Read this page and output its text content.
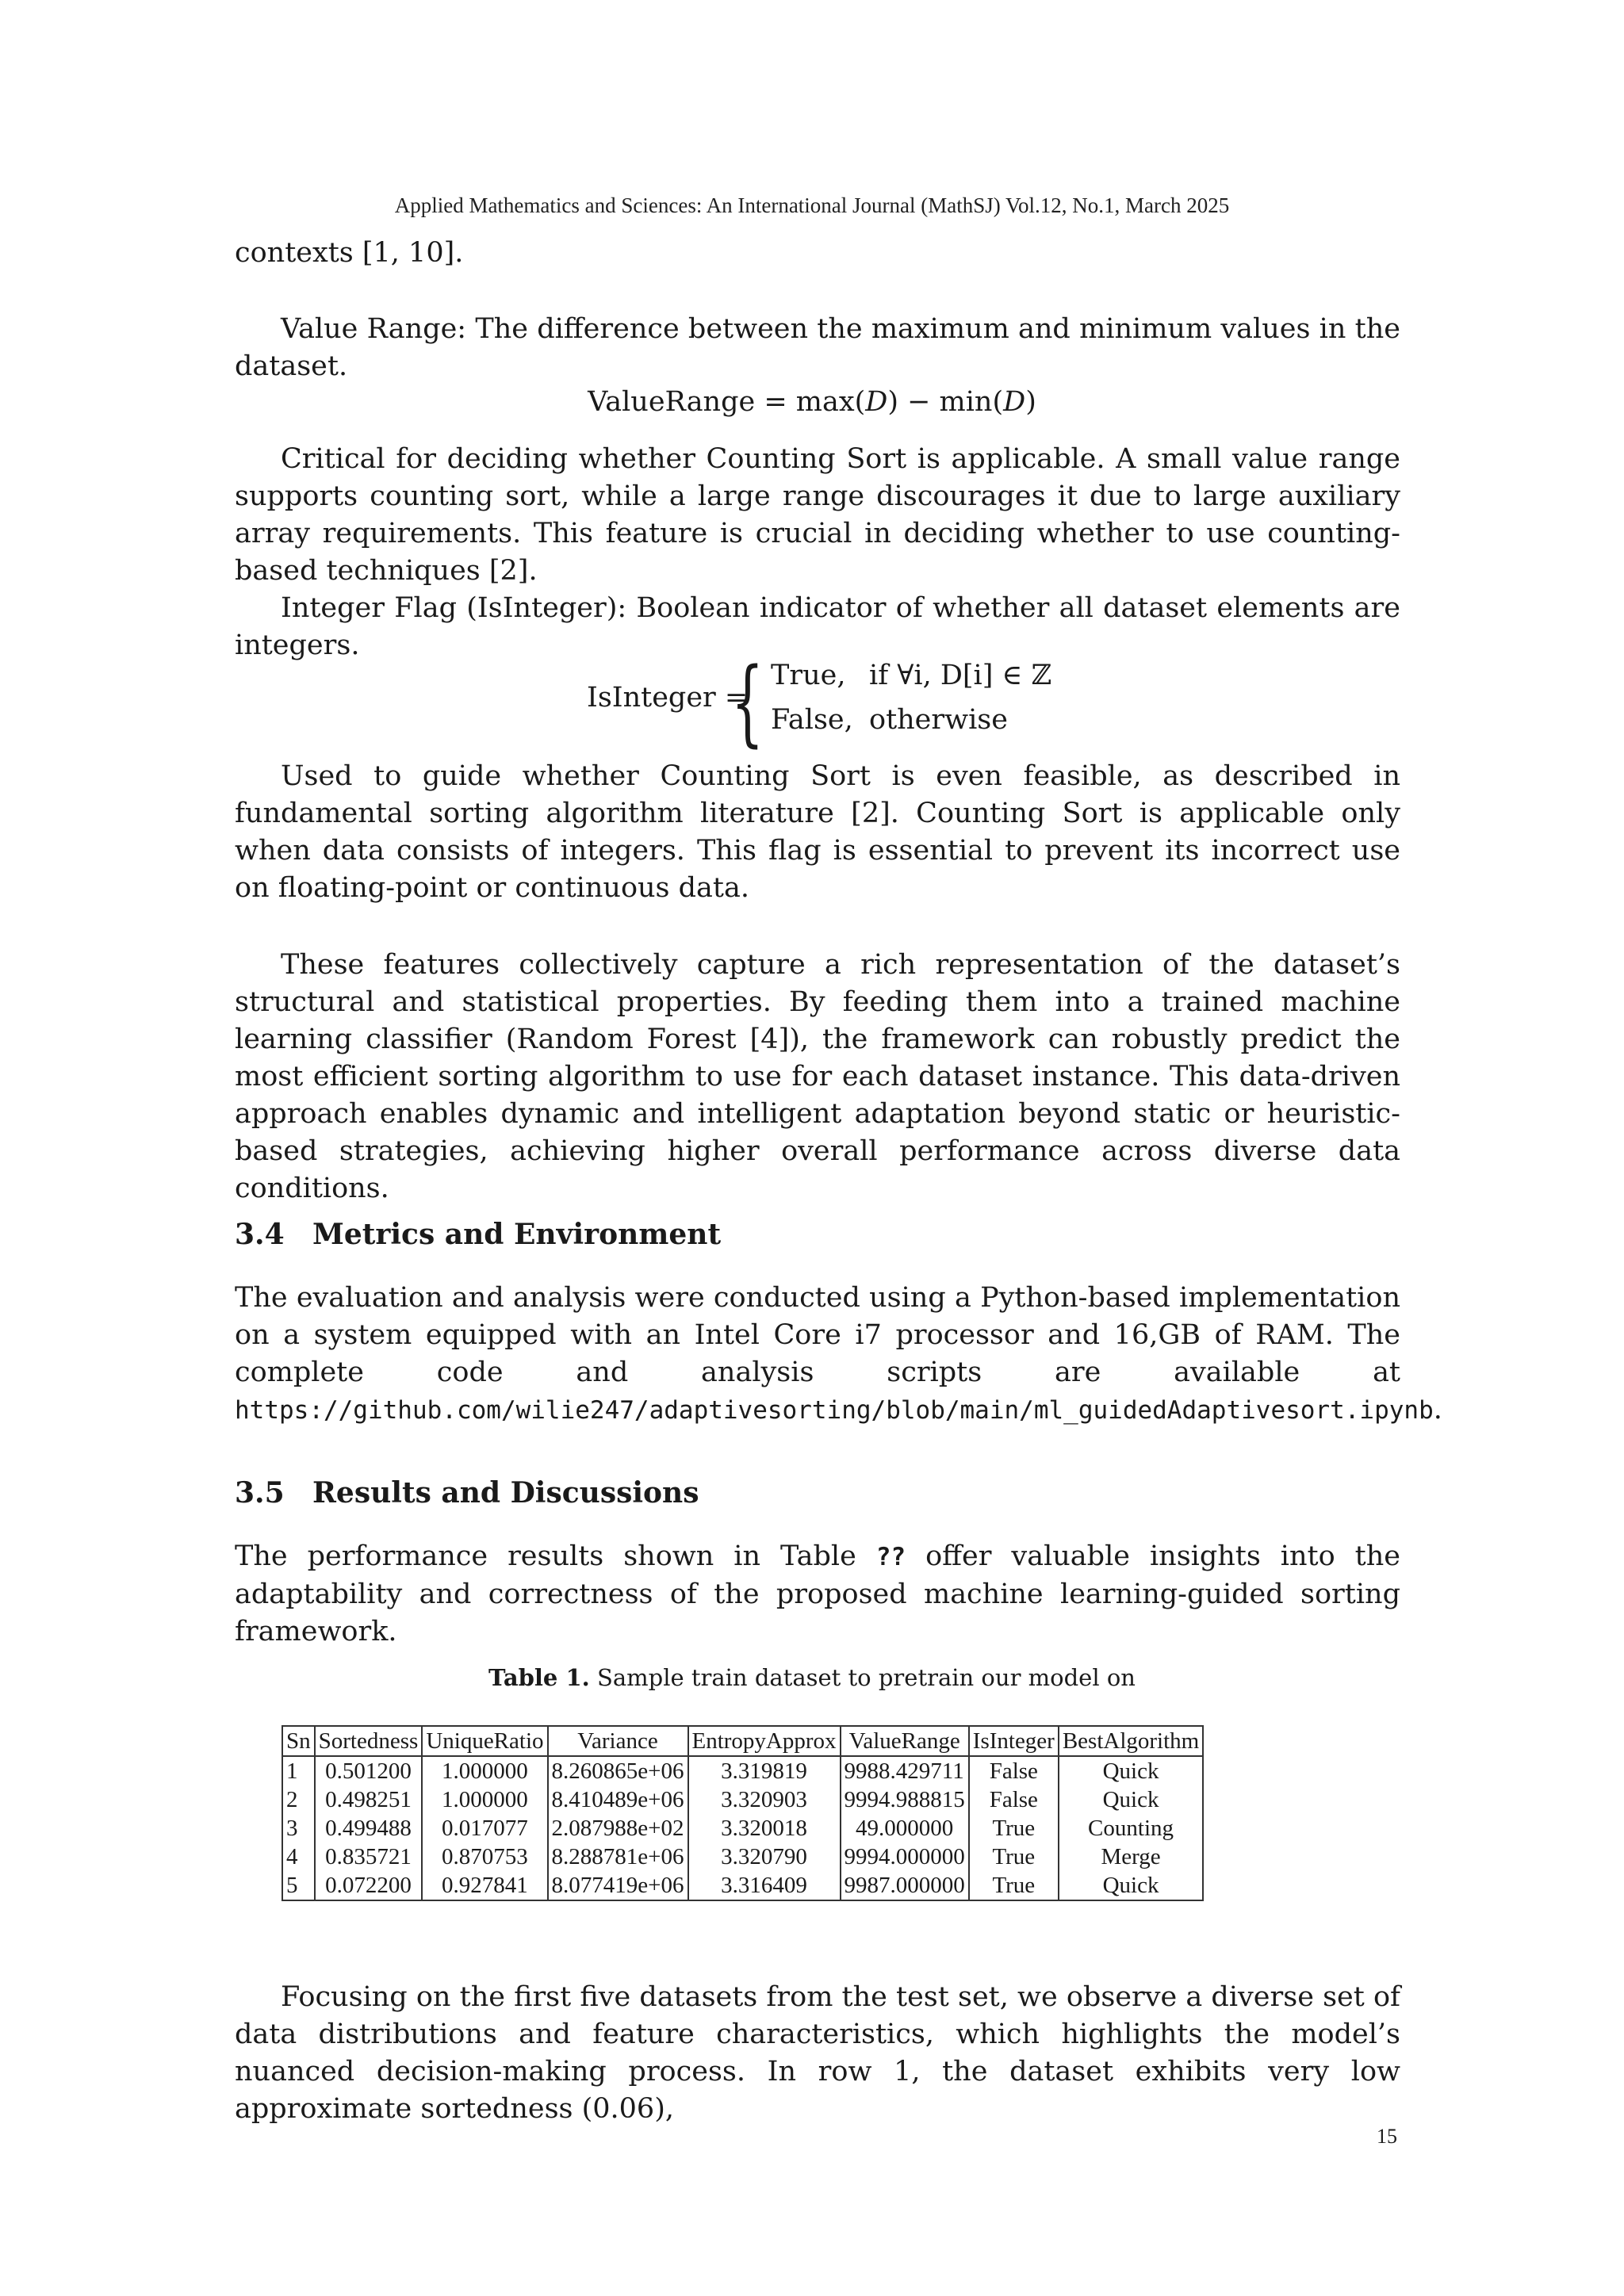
Applied Mathematics and Sciences: An International Journal (MathSJ) Vol.12, No.1, March 2025

contexts [1, 10].

Value Range: The difference between the maximum and minimum values in the dataset.

ValueRange = max(D) − min(D)

Critical for deciding whether Counting Sort is applicable. A small value range supports counting sort, while a large range discourages it due to large auxiliary array requirements. This feature is crucial in deciding whether to use counting-based techniques [2].

Integer Flag (IsInteger): Boolean indicator of whether all dataset elements are integers.

IsInteger =
{ True, if ∀i, D[i] ∈ ℤ
False, otherwise

Used to guide whether Counting Sort is even feasible, as described in fundamental sorting algorithm literature [2]. Counting Sort is applicable only when data consists of integers. This flag is essential to prevent its incorrect use on floating-point or continuous data.

These features collectively capture a rich representation of the dataset’s structural and statistical properties. By feeding them into a trained machine learning classifier (Random Forest [4]), the framework can robustly predict the most efficient sorting algorithm to use for each dataset instance. This data-driven approach enables dynamic and intelligent adaptation beyond static or heuristic-based strategies, achieving higher overall performance across diverse data conditions.

3.4 Metrics and Environment

The evaluation and analysis were conducted using a Python-based implementation on a system equipped with an Intel Core i7 processor and 16,GB of RAM. The complete code and analysis scripts are available at https://github.com/wilie247/adaptivesorting/blob/main/ml_guidedAdaptivesort.ipynb.

3.5 Results and Discussions

The performance results shown in Table ?? offer valuable insights into the adaptability and correctness of the proposed machine learning-guided sorting framework.

Table 1. Sample train dataset to pretrain our model on
Sn	Sortedness	UniqueRatio	Variance	EntropyApprox	ValueRange	IsInteger	BestAlgorithm
1	0.501200	1.000000	8.260865e+06	3.319819	9988.429711	False	Quick
2	0.498251	1.000000	8.410489e+06	3.320903	9994.988815	False	Quick
3	0.499488	0.017077	2.087988e+02	3.320018	49.000000	True	Counting
4	0.835721	0.870753	8.288781e+06	3.320790	9994.000000	True	Merge
5	0.072200	0.927841	8.077419e+06	3.316409	9987.000000	True	Quick

Focusing on the first five datasets from the test set, we observe a diverse set of data distributions and feature characteristics, which highlights the model’s nuanced decision-making process. In row 1, the dataset exhibits very low approximate sortedness (0.06),

15
